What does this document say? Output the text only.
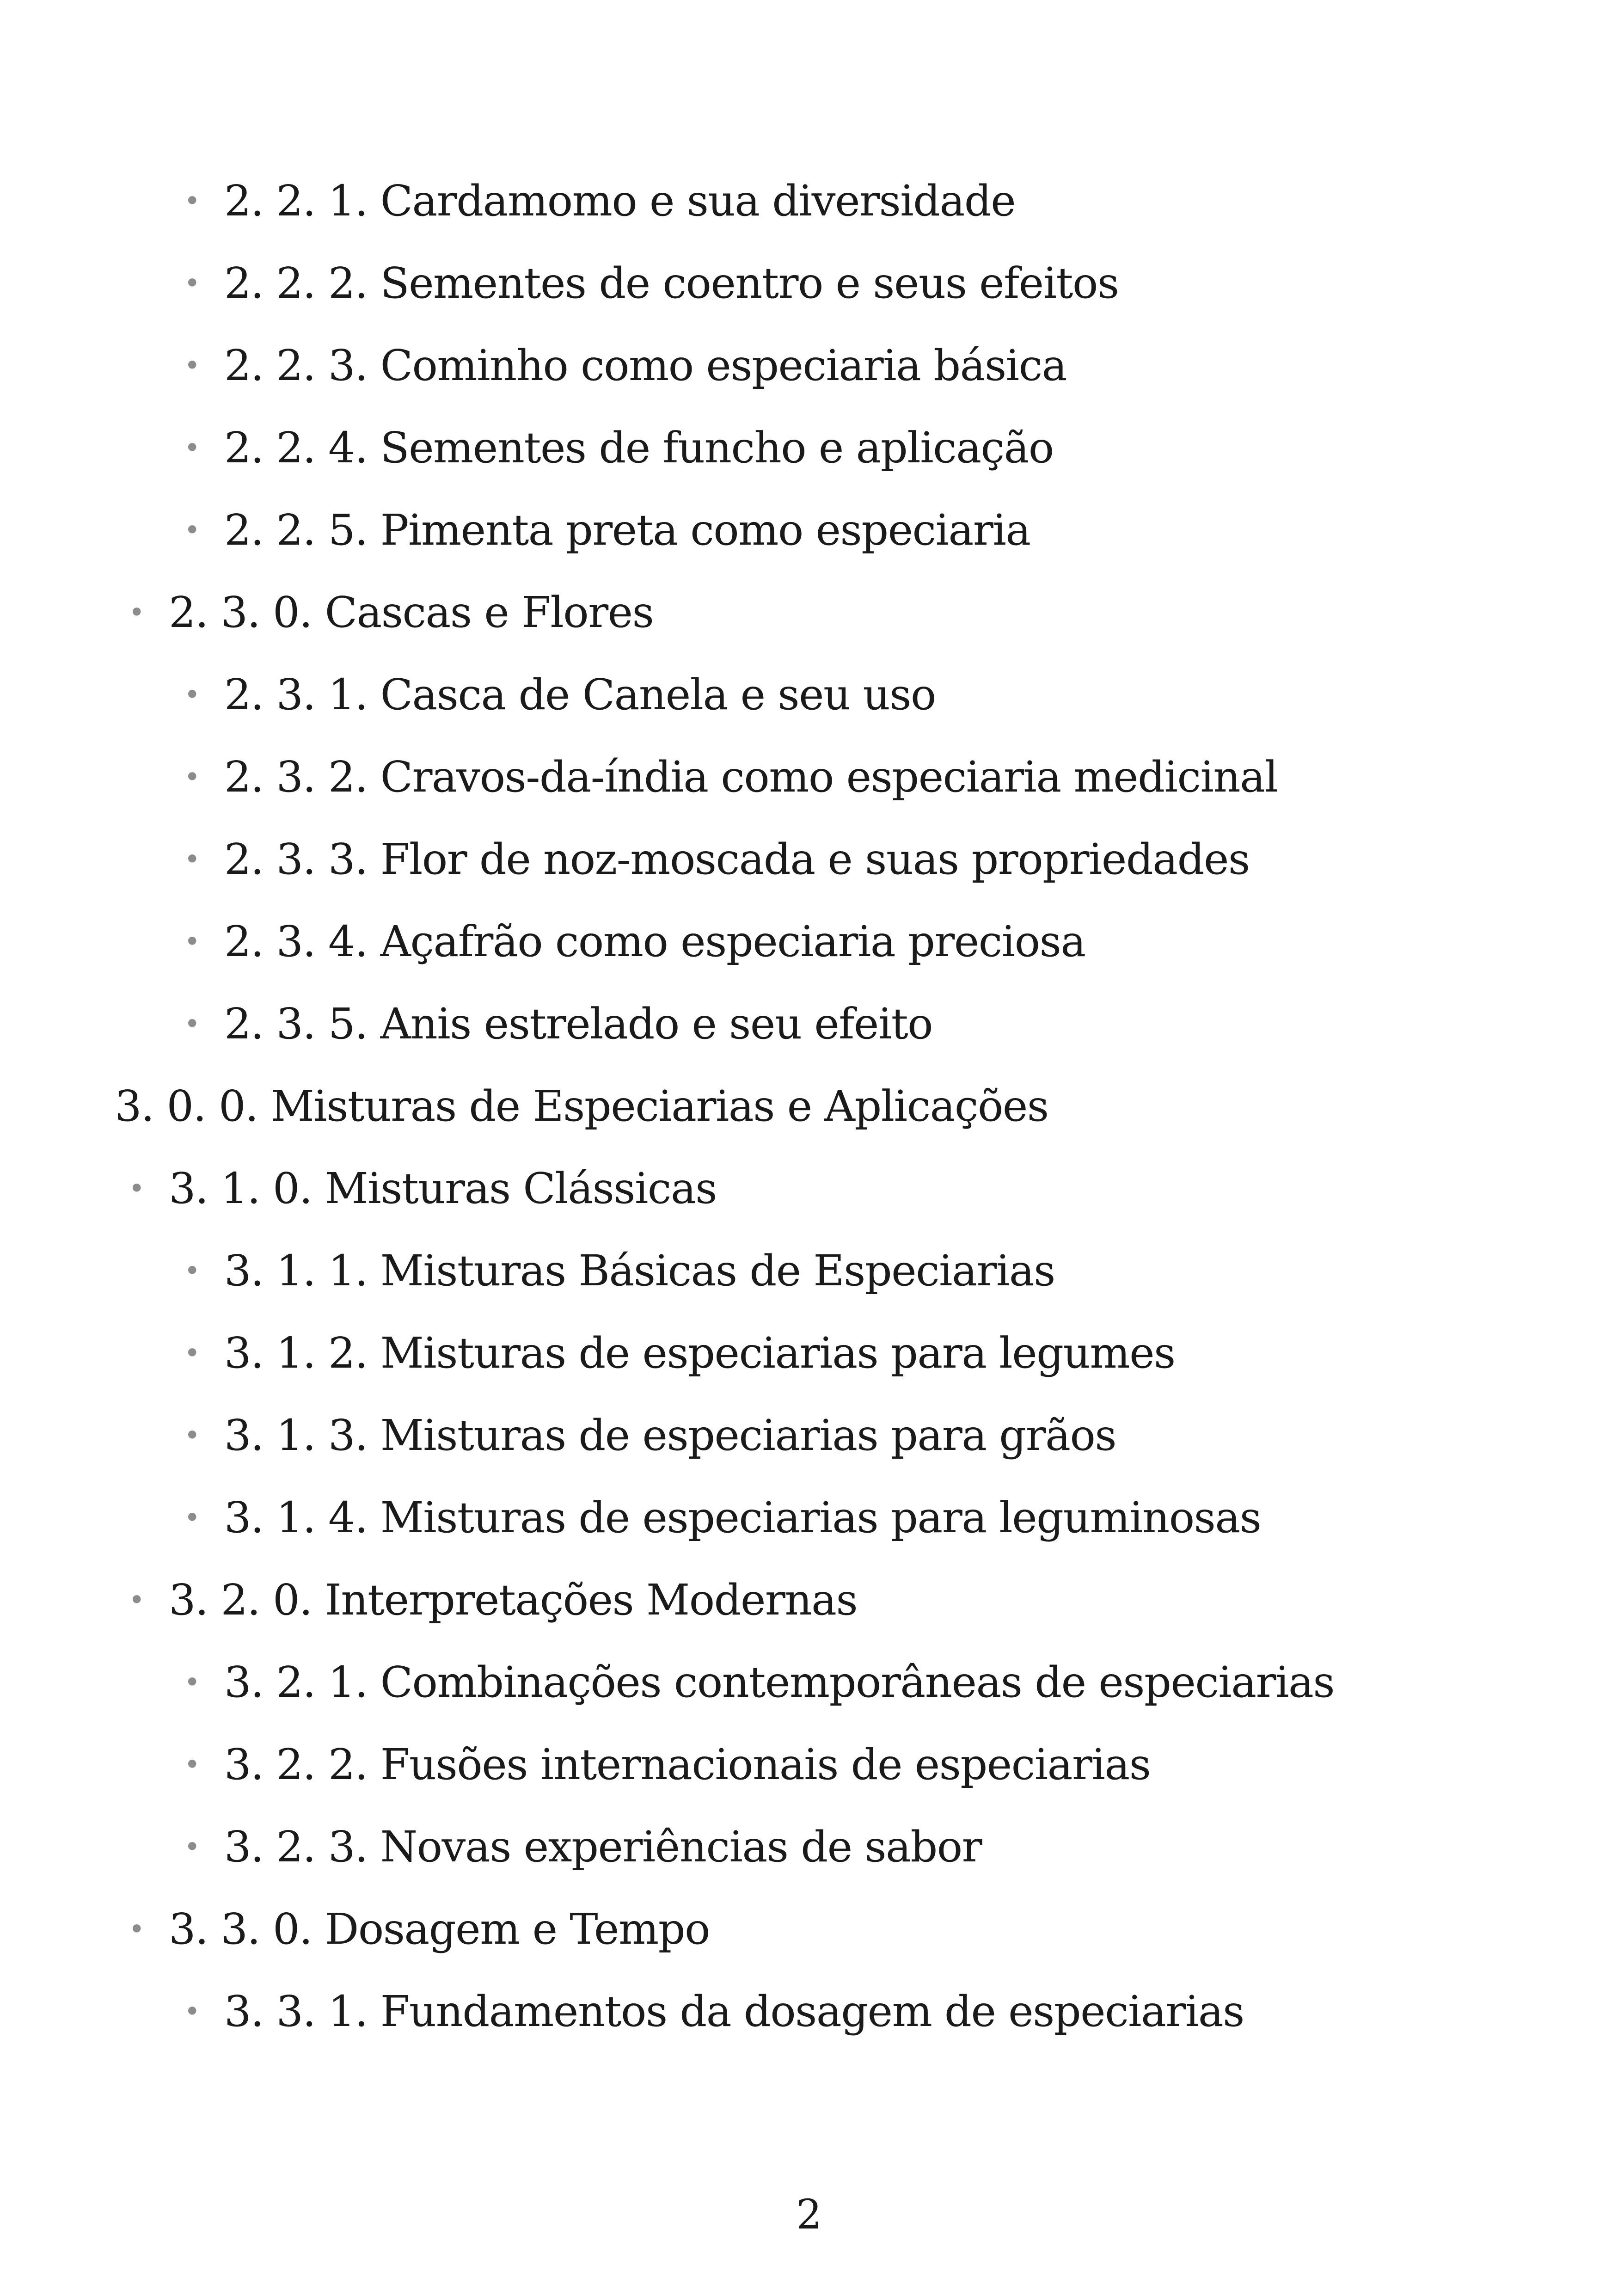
• 2. 2. 1. Cardamomo e sua diversidade
• 2. 2. 2. Sementes de coentro e seus efeitos
• 2. 2. 3. Cominho como especiaria básica
• 2. 2. 4. Sementes de funcho e aplicação
• 2. 2. 5. Pimenta preta como especiaria
• 2. 3. 0. Cascas e Flores
• 2. 3. 1. Casca de Canela e seu uso
• 2. 3. 2. Cravos-da-índia como especiaria medicinal
• 2. 3. 3. Flor de noz-moscada e suas propriedades
• 2. 3. 4. Açafrão como especiaria preciosa
• 2. 3. 5. Anis estrelado e seu efeito
3. 0. 0. Misturas de Especiarias e Aplicações
• 3. 1. 0. Misturas Clássicas
• 3. 1. 1. Misturas Básicas de Especiarias
• 3. 1. 2. Misturas de especiarias para legumes
• 3. 1. 3. Misturas de especiarias para grãos
• 3. 1. 4. Misturas de especiarias para leguminosas
• 3. 2. 0. Interpretações Modernas
• 3. 2. 1. Combinações contemporâneas de especiarias
• 3. 2. 2. Fusões internacionais de especiarias
• 3. 2. 3. Novas experiências de sabor
• 3. 3. 0. Dosagem e Tempo
• 3. 3. 1. Fundamentos da dosagem de especiarias
2
